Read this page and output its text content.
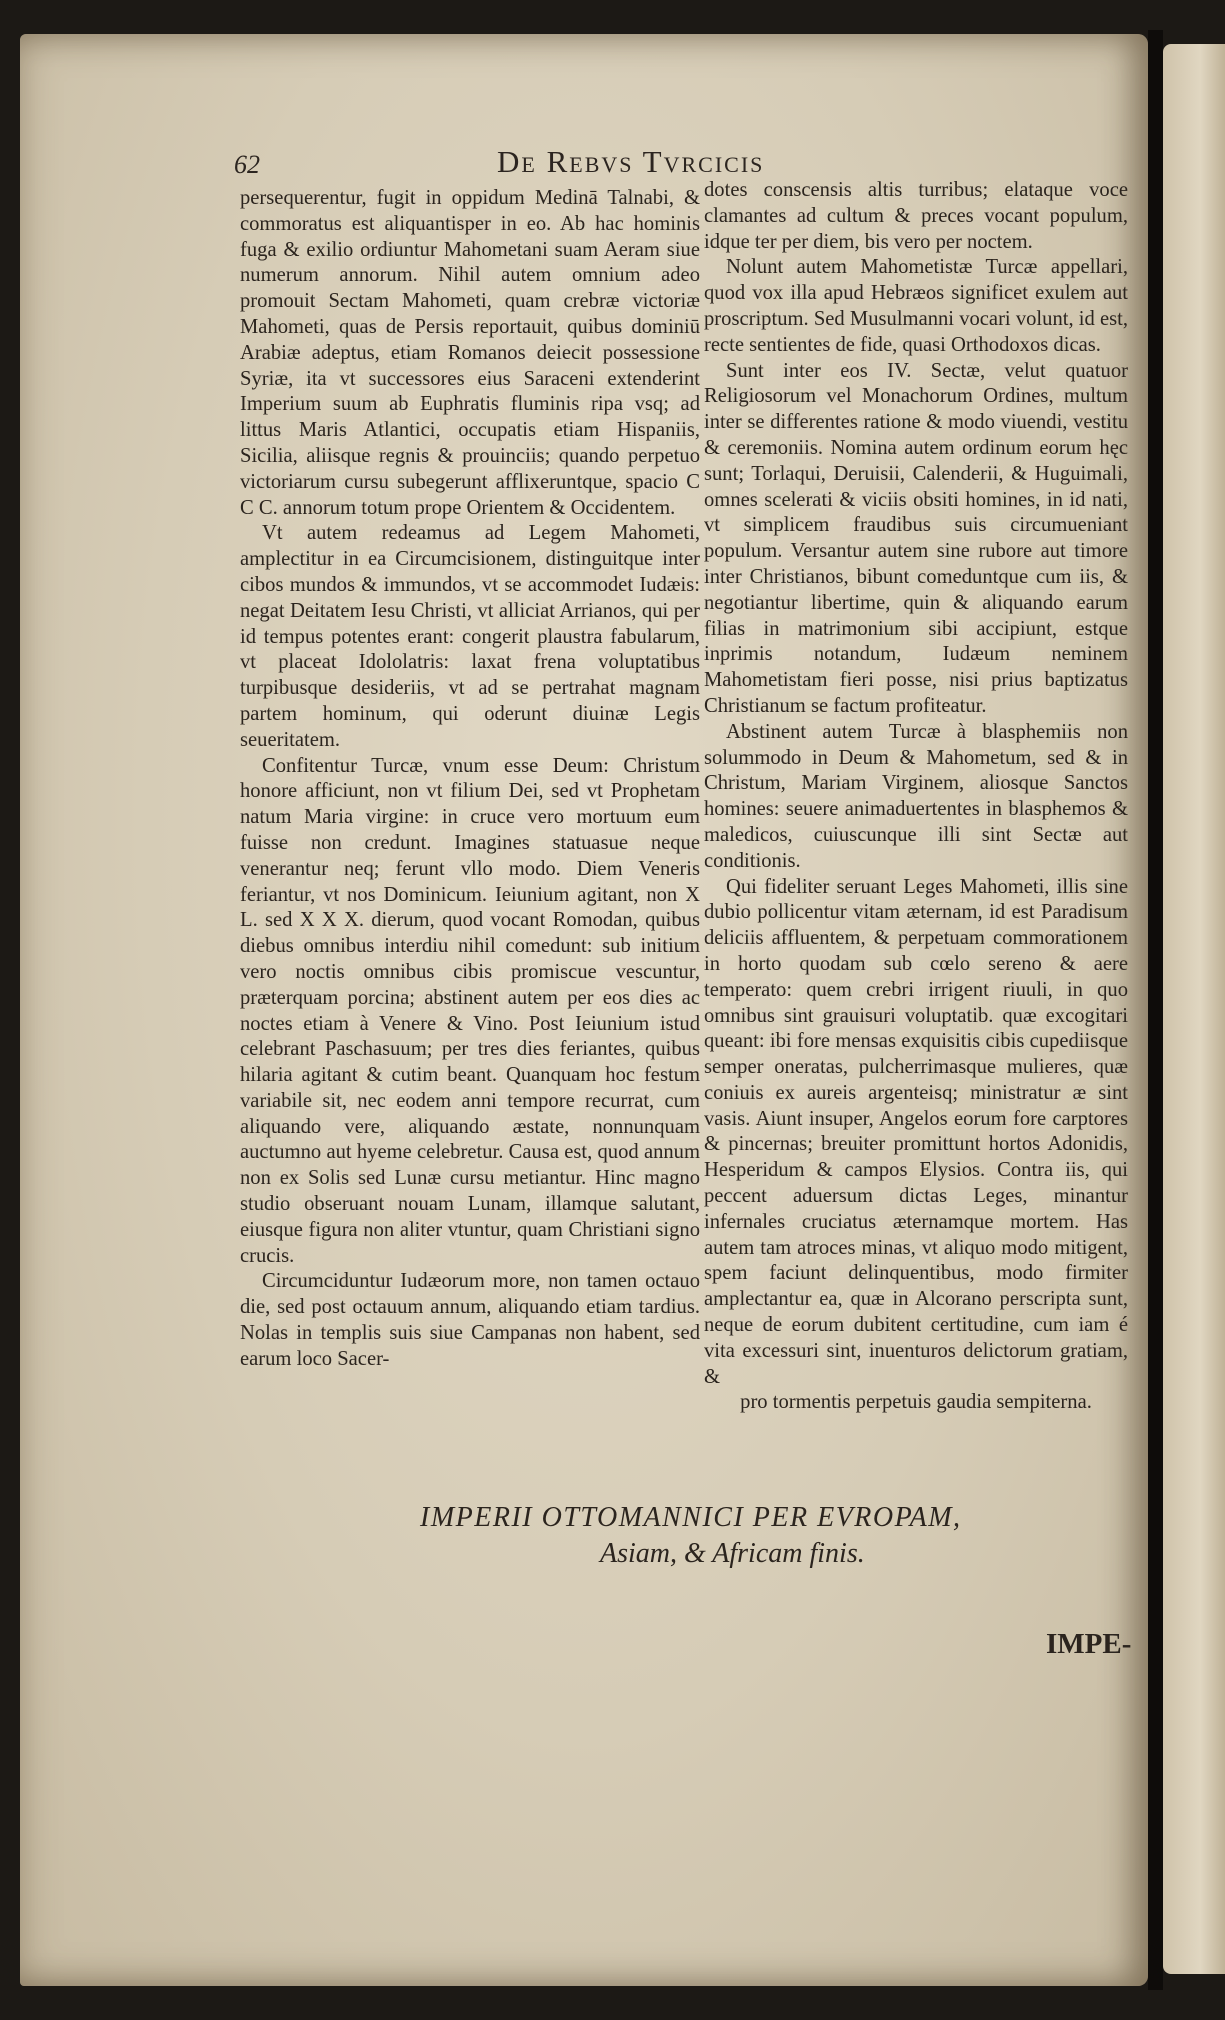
62	De Rebvs Tvrcicis

persequerentur, fugit in oppidum Medinā Talnabi, & commoratus est aliquantisper in eo. Ab hac hominis fuga & exilio ordiuntur Mahometani suam Aeram siue numerum annorum. Nihil autem omnium adeo promouit Sectam Mahometi, quam crebræ victoriæ Mahometi, quas de Persis reportauit, quibus dominiū Arabiæ adeptus, etiam Romanos deiecit possessione Syriæ, ita vt successores eius Saraceni extenderint Imperium suum ab Euphratis fluminis ripa vsq; ad littus Maris Atlantici, occupatis etiam Hispaniis, Sicilia, aliisque regnis & prouinciis; quando perpetuo victoriarum cursu subegerunt afflixeruntque, spacio C C C. annorum totum prope Orientem & Occidentem.

Vt autem redeamus ad Legem Mahometi, amplectitur in ea Circumcisionem, distinguitque inter cibos mundos & immundos, vt se accommodet Iudæis: negat Deitatem Iesu Christi, vt alliciat Arrianos, qui per id tempus potentes erant: congerit plaustra fabularum, vt placeat Idololatris: laxat frena voluptatibus turpibusque desideriis, vt ad se pertrahat magnam partem hominum, qui oderunt diuinæ Legis seueritatem.

Confitentur Turcæ, vnum esse Deum: Christum honore afficiunt, non vt filium Dei, sed vt Prophetam natum Maria virgine: in cruce vero mortuum eum fuisse non credunt. Imagines statuasue neque venerantur neq; ferunt vllo modo. Diem Veneris feriantur, vt nos Dominicum. Ieiunium agitant, non X L. sed X X X. dierum, quod vocant Romodan, quibus diebus omnibus interdiu nihil comedunt: sub initium vero noctis omnibus cibis promiscue vescuntur, præterquam porcina; abstinent autem per eos dies ac noctes etiam à Venere & Vino. Post Ieiunium istud celebrant Paschasuum; per tres dies feriantes, quibus hilaria agitant & cutim beant. Quanquam hoc festum variabile sit, nec eodem anni tempore recurrat, cum aliquando vere, aliquando æstate, nonnunquam auctumno aut hyeme celebretur. Causa est, quod annum non ex Solis sed Lunæ cursu metiantur. Hinc magno studio obseruant nouam Lunam, illamque salutant, eiusque figura non aliter vtuntur, quam Christiani signo crucis.

Circumciduntur Iudæorum more, non tamen octauo die, sed post octauum annum, aliquando etiam tardius. Nolas in templis suis siue Campanas non habent, sed earum loco Sacer-

dotes conscensis altis turribus; elataque voce clamantes ad cultum & preces vocant populum, idque ter per diem, bis vero per noctem.

Nolunt autem Mahometistæ Turcæ appellari, quod vox illa apud Hebræos significet exulem aut proscriptum. Sed Musulmanni vocari volunt, id est, recte sentientes de fide, quasi Orthodoxos dicas.

Sunt inter eos IV. Sectæ, velut quatuor Religiosorum vel Monachorum Ordines, multum inter se differentes ratione & modo viuendi, vestitu & ceremoniis. Nomina autem ordinum eorum hęc sunt; Torlaqui, Deruisii, Calenderii, & Huguimali, omnes scelerati & viciis obsiti homines, in id nati, vt simplicem fraudibus suis circumueniant populum. Versantur autem sine rubore aut timore inter Christianos, bibunt comeduntque cum iis, & negotiantur libertime, quin & aliquando earum filias in matrimonium sibi accipiunt, estque inprimis notandum, Iudæum neminem Mahometistam fieri posse, nisi prius baptizatus Christianum se factum profiteatur.

Abstinent autem Turcæ à blasphemiis non solummodo in Deum & Mahometum, sed & in Christum, Mariam Virginem, aliosque Sanctos homines: seuere animaduertentes in blasphemos & maledicos, cuiuscunque illi sint Sectæ aut conditionis.

Qui fideliter seruant Leges Mahometi, illis sine dubio pollicentur vitam æternam, id est Paradisum deliciis affluentem, & perpetuam commorationem in horto quodam sub cœlo sereno & aere temperato: quem crebri irrigent riuuli, in quo omnibus sint grauisuri voluptatib. quæ excogitari queant: ibi fore mensas exquisitis cibis cupediisque semper oneratas, pulcherrimasque mulieres, quæ coniuis ex aureis argenteisq; ministratur æ sint vasis. Aiunt insuper, Angelos eorum fore carptores & pincernas; breuiter promittunt hortos Adonidis, Hesperidum & campos Elysios. Contra iis, qui peccent aduersum dictas Leges, minantur infernales cruciatus æternamque mortem. Has autem tam atroces minas, vt aliquo modo mitigent, spem faciunt delinquentibus, modo firmiter amplectantur ea, quæ in Alcorano perscripta sunt, neque de eorum dubitent certitudine, cum iam é vita excessuri sint, inuenturos delictorum gratiam, &

pro tormentis perpetuis gaudia sempiterna.

IMPERII OTTOMANNICI PER EVROPAM,
Asiam, & Africam finis.
IMPE-
